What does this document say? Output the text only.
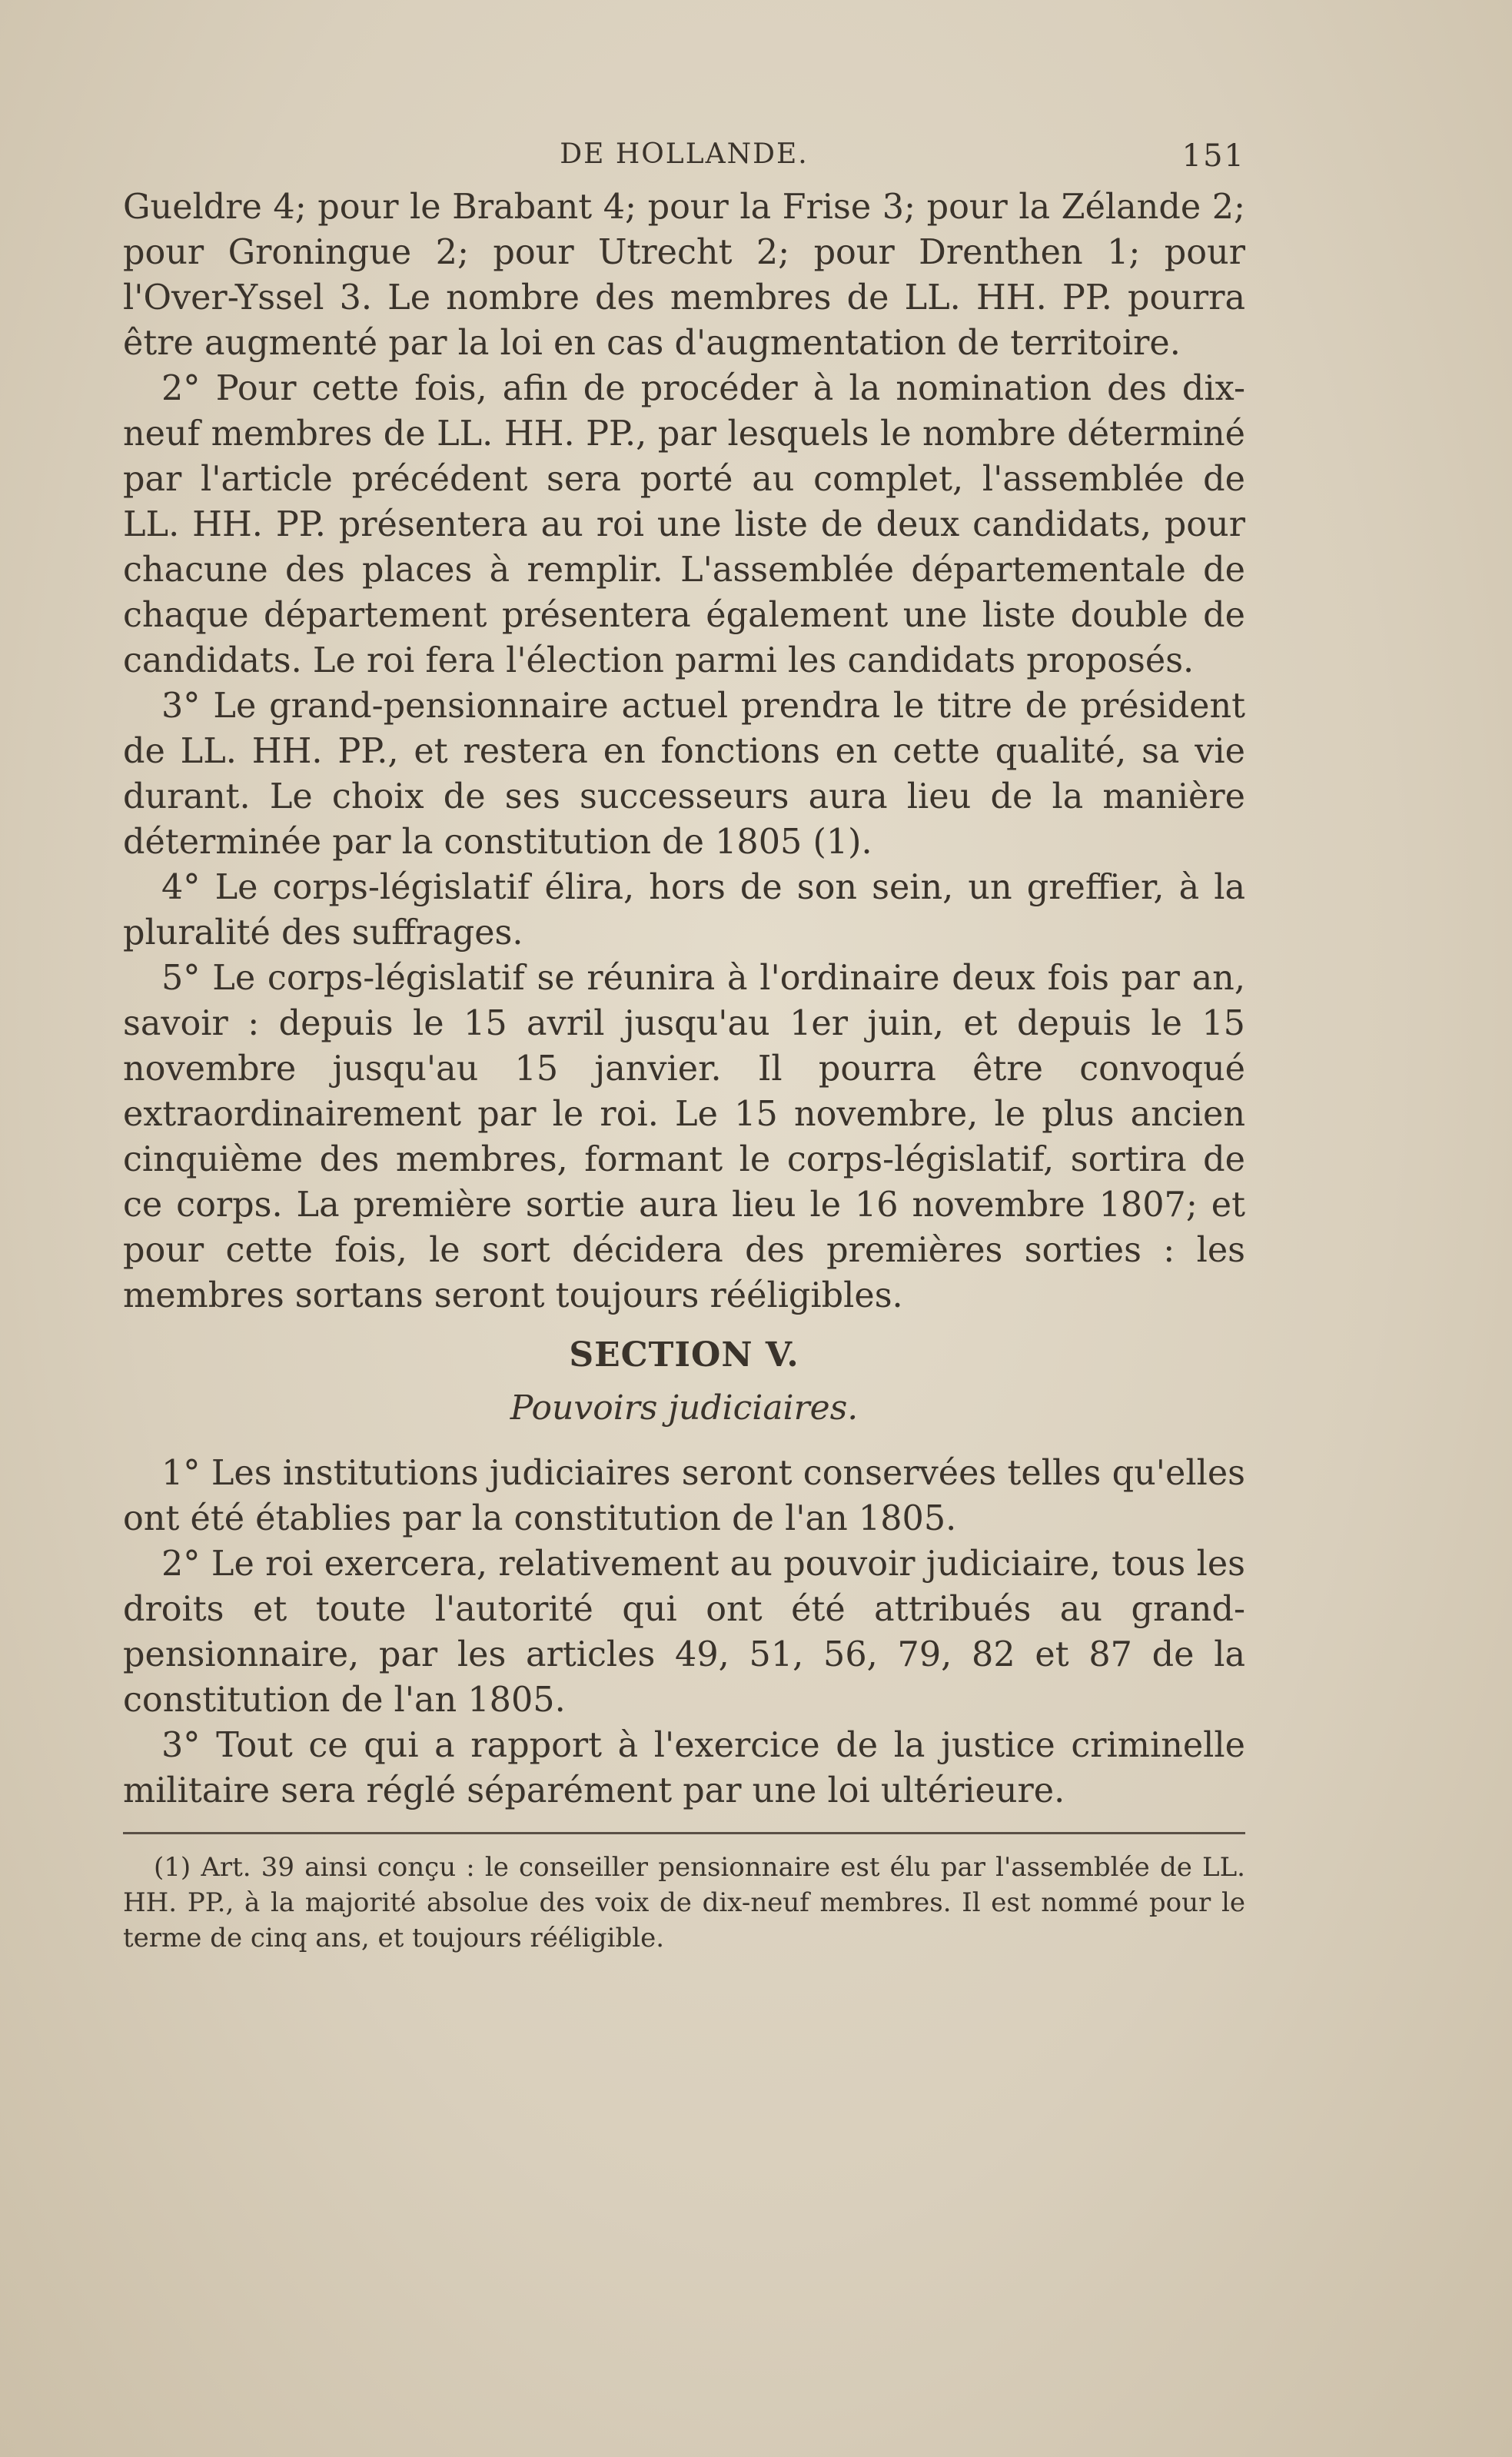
DE HOLLANDE.	151

Gueldre 4; pour le Brabant 4; pour la Frise 3; pour la Zélande 2; pour Groningue 2; pour Utrecht 2; pour Drenthen 1; pour l'Over-Yssel 3. Le nombre des membres de LL. HH. PP. pourra être augmenté par la loi en cas d'augmentation de territoire.

2° Pour cette fois, afin de procéder à la nomination des dix-neuf membres de LL. HH. PP., par lesquels le nombre déterminé par l'article précédent sera porté au complet, l'assemblée de LL. HH. PP. présentera au roi une liste de deux candidats, pour chacune des places à remplir. L'assemblée départementale de chaque département présentera également une liste double de candidats. Le roi fera l'élection parmi les candidats proposés.

3° Le grand-pensionnaire actuel prendra le titre de président de LL. HH. PP., et restera en fonctions en cette qualité, sa vie durant. Le choix de ses successeurs aura lieu de la manière déterminée par la constitution de 1805 (1).

4° Le corps-législatif élira, hors de son sein, un greffier, à la pluralité des suffrages.

5° Le corps-législatif se réunira à l'ordinaire deux fois par an, savoir : depuis le 15 avril jusqu'au 1er juin, et depuis le 15 novembre jusqu'au 15 janvier. Il pourra être convoqué extraordinairement par le roi. Le 15 novembre, le plus ancien cinquième des membres, formant le corps-législatif, sortira de ce corps. La première sortie aura lieu le 16 novembre 1807; et pour cette fois, le sort décidera des premières sorties : les membres sortans seront toujours rééligibles.

SECTION V.
Pouvoirs judiciaires.

1° Les institutions judiciaires seront conservées telles qu'elles ont été établies par la constitution de l'an 1805.

2° Le roi exercera, relativement au pouvoir judiciaire, tous les droits et toute l'autorité qui ont été attribués au grand-pensionnaire, par les articles 49, 51, 56, 79, 82 et 87 de la constitution de l'an 1805.

3° Tout ce qui a rapport à l'exercice de la justice criminelle militaire sera réglé séparément par une loi ultérieure.

(1) Art. 39 ainsi conçu : le conseiller pensionnaire est élu par l'assemblée de LL. HH. PP., à la majorité absolue des voix de dix-neuf membres. Il est nommé pour le terme de cinq ans, et toujours rééligible.
